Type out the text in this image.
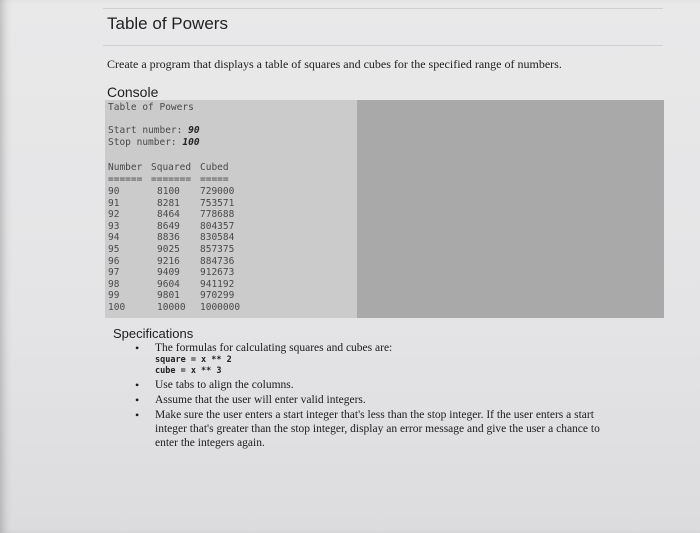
Table of Powers
Create a program that displays a table of squares and cubes for the specified range of numbers.
Console
Table of Powers
Start number: 90
Stop number: 100
Number Squared Cubed
====== ======= =====
90	8100 729000
91	8281 753571
92	8464 778688
93	8649 804357
94	8836 830584
95	9025 857375
96	9216 884736
97	9409 912673
98	9604 941192
99	9801 970299
100	10000 1000000
Specifications
• The formulas for calculating squares and cubes are:
square = x ** 2
cube = x ** 3
• Use tabs to align the columns.
• Assume that the user will enter valid integers.
• Make sure the user enters a start integer that's less than the stop integer. If the user enters a start integer that's greater than the stop integer, display an error message and give the user a chance to enter the integers again.
